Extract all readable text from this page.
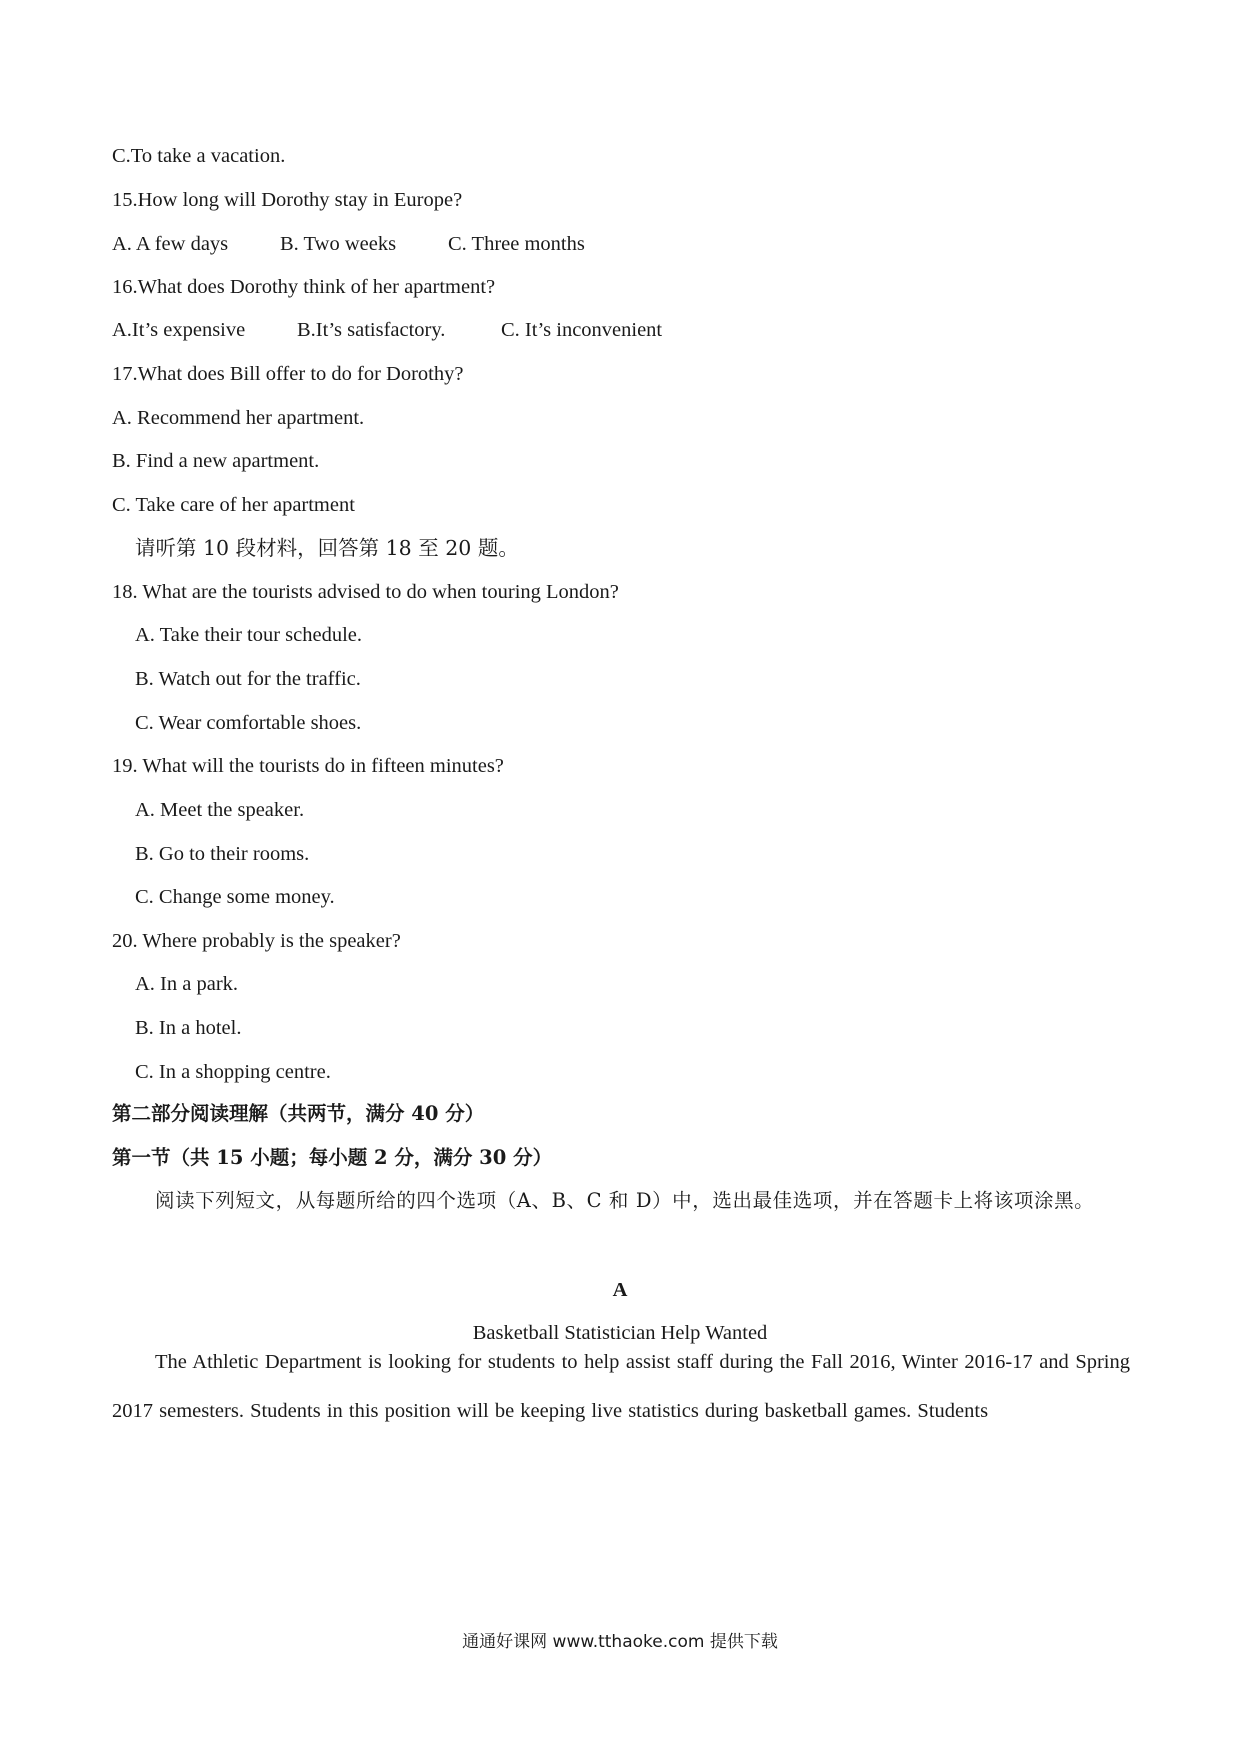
C.To take a vacation.
15.How long will Dorothy stay in Europe?
A. A few days	B. Two weeks	C. Three months
16.What does Dorothy think of her apartment?
A.It’s expensive	B.It’s satisfactory.	C. It’s inconvenient
17.What does Bill offer to do for Dorothy?
A. Recommend her apartment.
B. Find a new apartment.
C. Take care of her apartment
请听第 10 段材料，回答第 18 至 20 题。
18. What are the tourists advised to do when touring London?
A. Take their tour schedule.
B. Watch out for the traffic.
C. Wear comfortable shoes.
19. What will the tourists do in fifteen minutes?
A. Meet the speaker.
B. Go to their rooms.
C. Change some money.
20. Where probably is the speaker?
A. In a park.
B. In a hotel.
C. In a shopping centre.
第二部分阅读理解（共两节，满分 40 分）
第一节（共 15 小题；每小题 2 分，满分 30 分）
阅读下列短文，从每题所给的四个选项（A、B、C 和 D）中，选出最佳选项，并在答题卡上将该项涂黑。
A
Basketball Statistician Help Wanted
The Athletic Department is looking for students to help assist staff during the Fall 2016, Winter 2016-17 and Spring 2017 semesters. Students in this position will be keeping live statistics during basketball games. Students
通通好课网 www.tthaoke.com 提供下载
